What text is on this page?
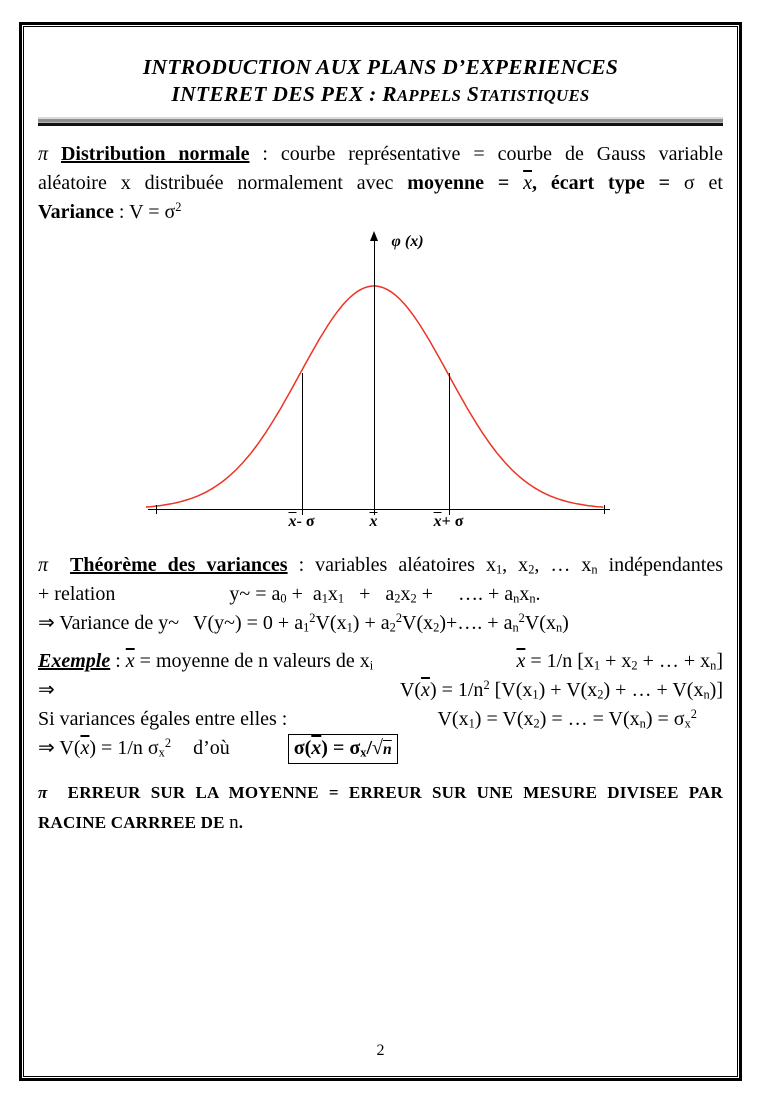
INTRODUCTION AUX PLANS D’EXPERIENCES
INTERET DES PEX : RAPPELS STATISTIQUES
π Distribution normale : courbe représentative = courbe de Gauss variable
aléatoire x distribuée normalement avec moyenne = $\overline{x}$, écart type = σ et
Variance : $V = \sigma^2$
φ (x)
$\overline{x}-$ σ	$\overline{x}$	$\overline{x}+ \sigma$
π Théorème des variances : variables aléatoires $x_1$, $x_2$, … $x_n$ indépendantes
+ relation	y~ = $a_0 + a_1x_1 + a_2x_2$ +     …. + $a_nx_n$.
⇒ Variance de y~ V(y~) = $0 + a_1^2V(x_1)$ + $a_2^2V(x_2)+\dots$. + $a_n^2V(x_n)$
Exemple : $\overline{x}$ = moyenne de n valeurs de $x_i$	$\overline{x} = 1/n$ [$x_1 + x_2$ + … + $x_n$]
⇒	$V(\overline{x}) = 1/n^2$ [$V(x_1) + V(x_2)$ + … + $V(x_n)$]
Si variances égales entre elles :	$V(x_1) = V(x_2)$ = … = $V(x_n) = \sigma_x^2$
⇒ $V(\overline{x}) = 1/n$ $\sigma_x^2$ d’où	$\sigma(\overline{x}) = \sigma_x/√n$
π  ERREUR SUR LA MOYENNE = ERREUR SUR UNE MESURE DIVISEE PAR
RACINE CARRREE DE n.
2
